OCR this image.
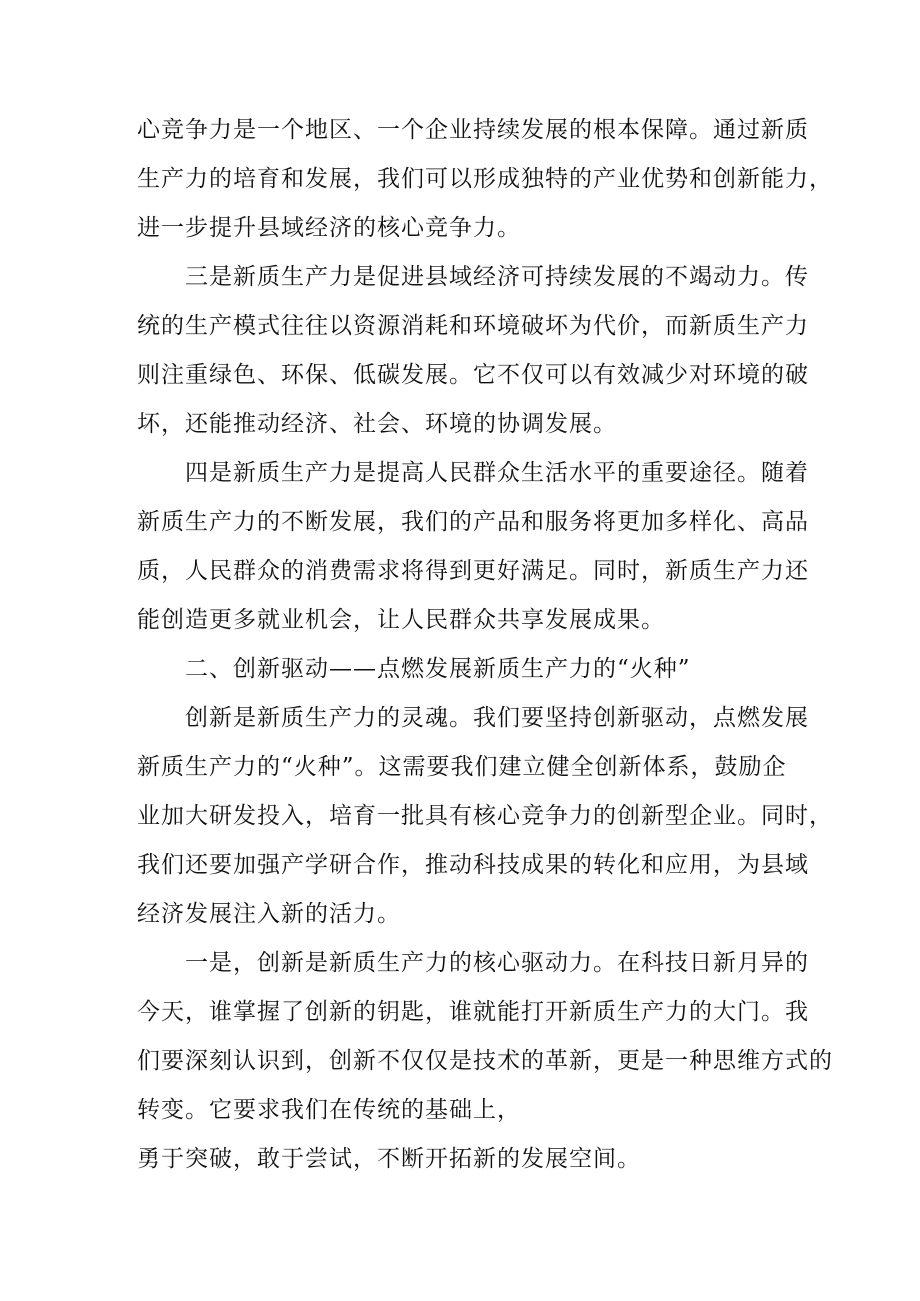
心竞争力是一个地区、一个企业持续发展的根本保障。通过新质
生产力的培育和发展，我们可以形成独特的产业优势和创新能力，
进一步提升县域经济的核心竞争力。
三是新质生产力是促进县域经济可持续发展的不竭动力。传
统的生产模式往往以资源消耗和环境破坏为代价，而新质生产力
则注重绿色、环保、低碳发展。它不仅可以有效减少对环境的破
坏，还能推动经济、社会、环境的协调发展。
四是新质生产力是提高人民群众生活水平的重要途径。随着
新质生产力的不断发展，我们的产品和服务将更加多样化、高品
质，人民群众的消费需求将得到更好满足。同时，新质生产力还
能创造更多就业机会，让人民群众共享发展成果。
二、创新驱动——点燃发展新质生产力的“火种”
创新是新质生产力的灵魂。我们要坚持创新驱动，点燃发展
新质生产力的“火种”。这需要我们建立健全创新体系，鼓励企
业加大研发投入，培育一批具有核心竞争力的创新型企业。同时，
我们还要加强产学研合作，推动科技成果的转化和应用，为县域
经济发展注入新的活力。
一是，创新是新质生产力的核心驱动力。在科技日新月异的
今天，谁掌握了创新的钥匙，谁就能打开新质生产力的大门。我
们要深刻认识到，创新不仅仅是技术的革新，更是一种思维方式的
转变。它要求我们在传统的基础上，
勇于突破，敢于尝试，不断开拓新的发展空间。
